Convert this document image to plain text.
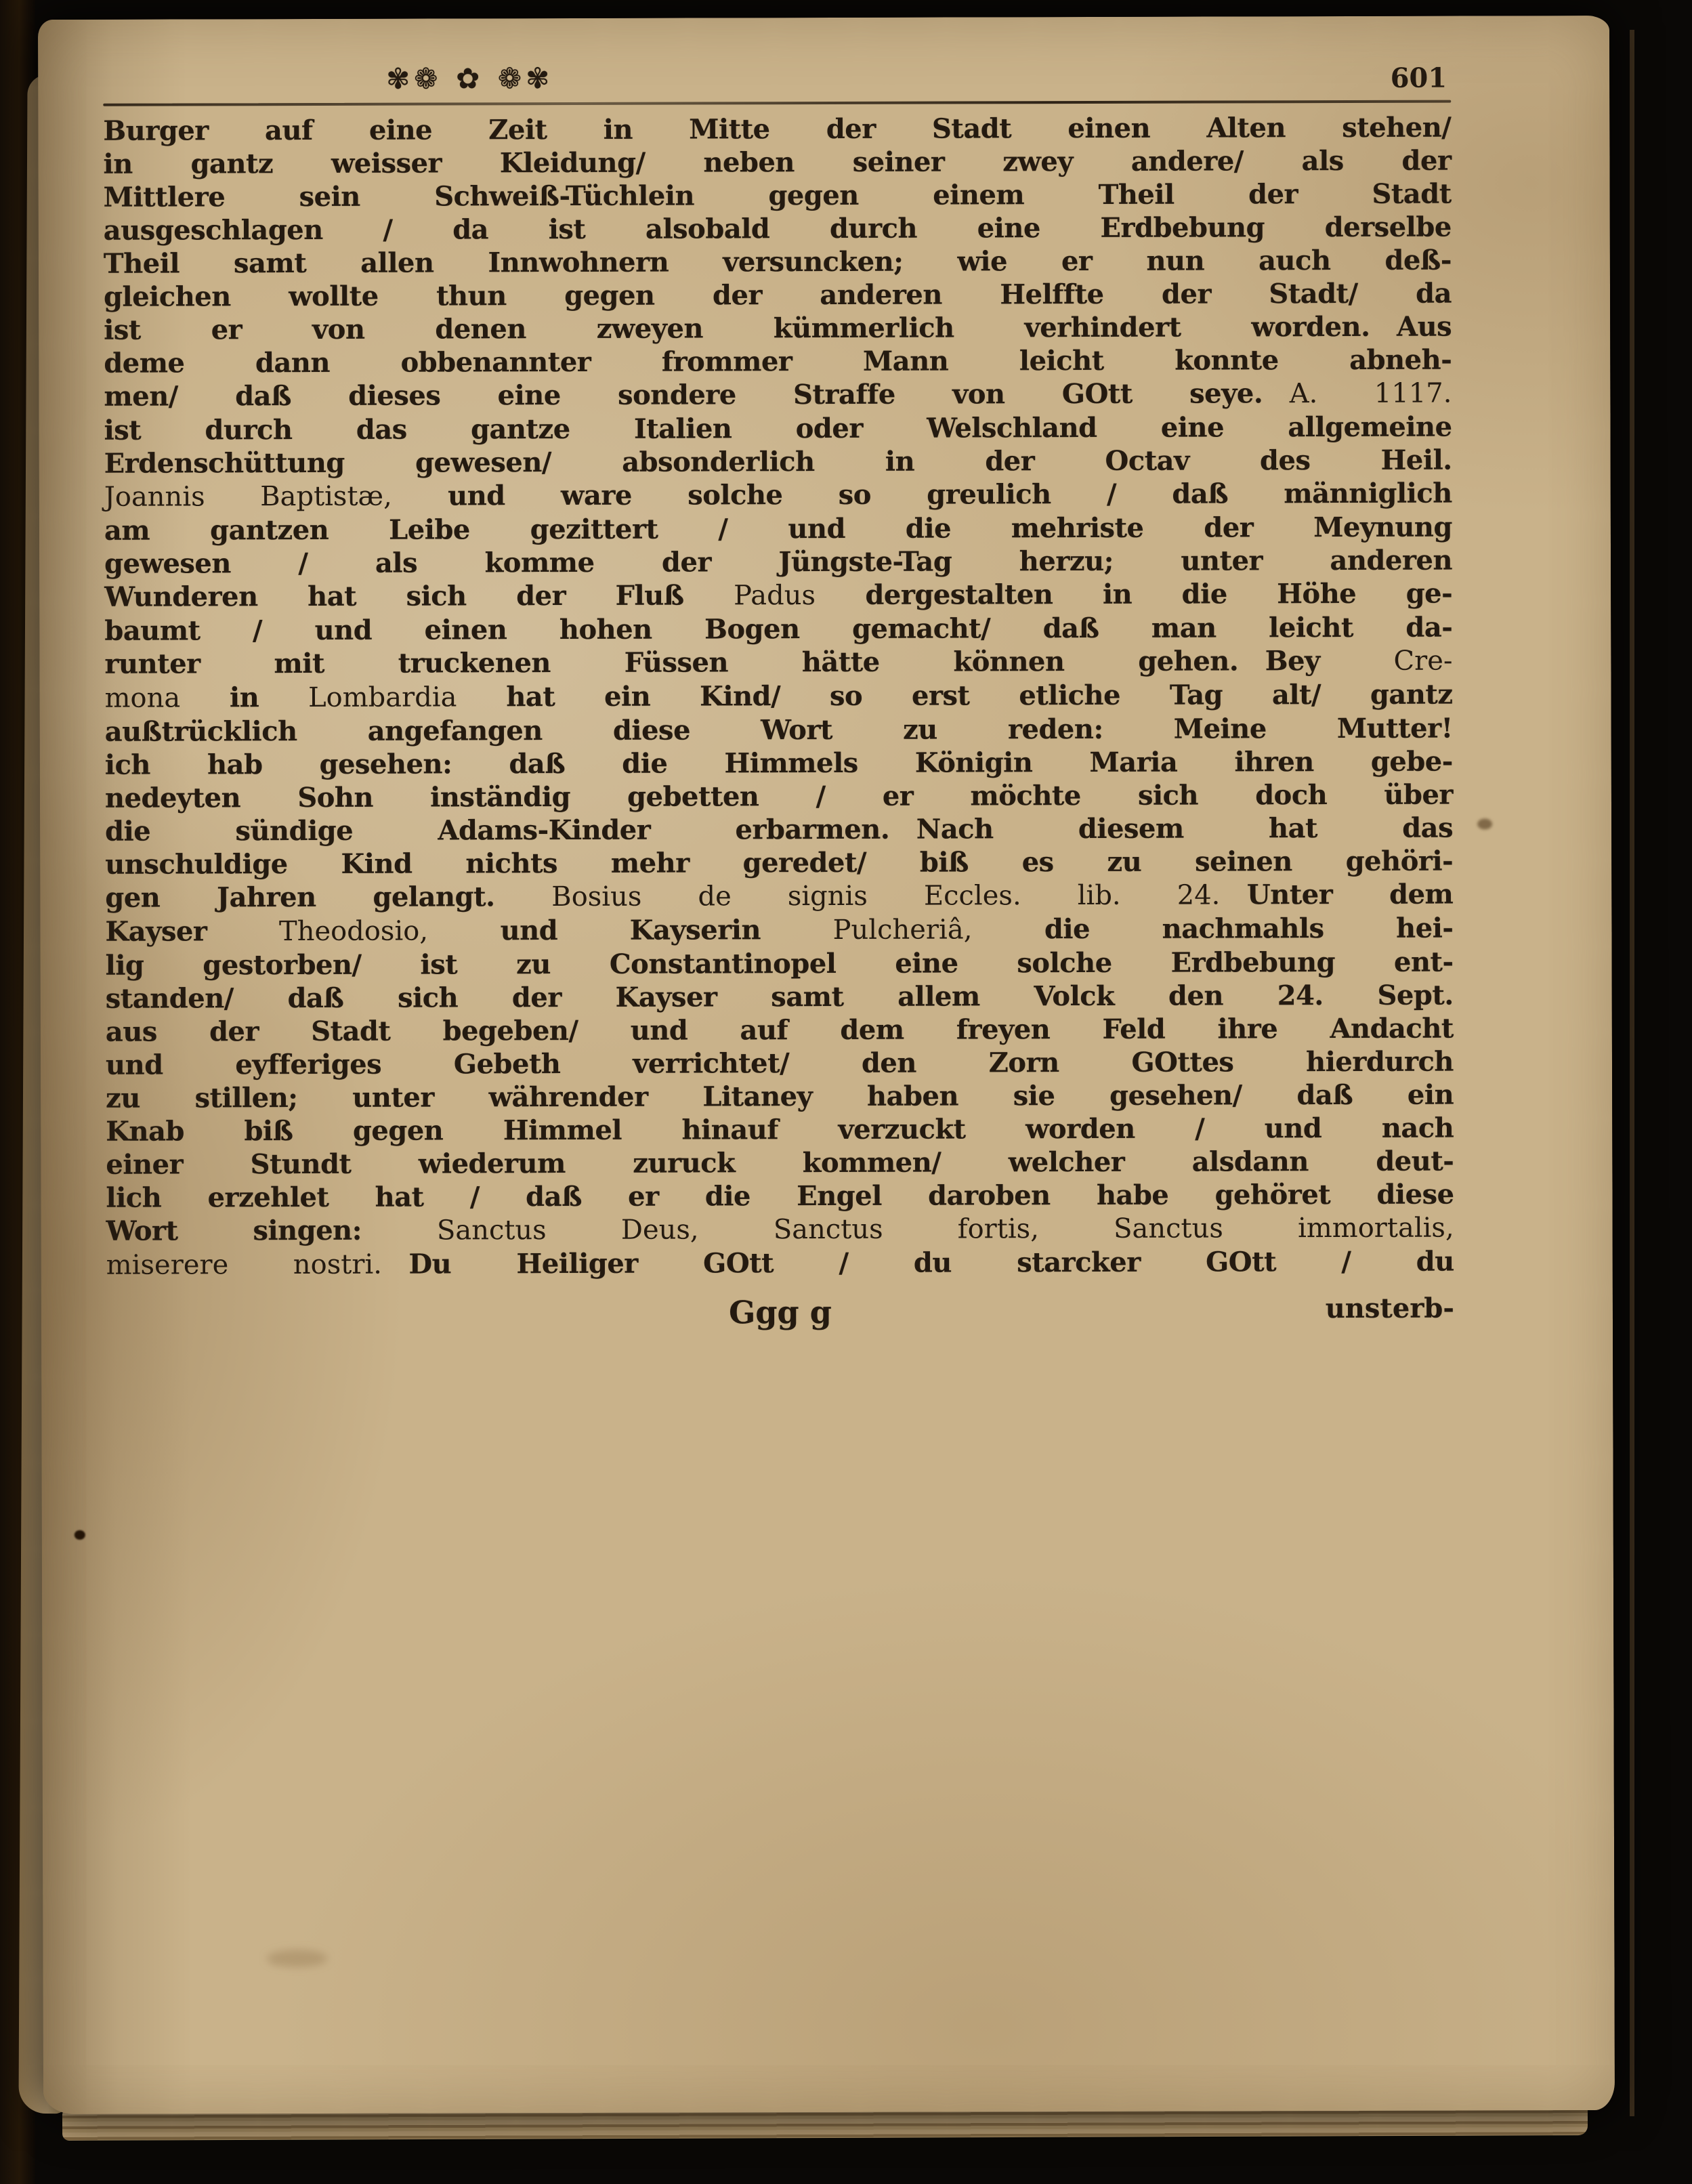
✾❁ ✿ ❁✾	601
Burger auf eine Zeit in Mitte der Stadt einen Alten stehen/
in gantz weisser Kleidung/ neben seiner zwey andere/ als der
Mittlere sein Schweiß-Tüchlein gegen einem Theil der Stadt
ausgeschlagen / da ist alsobald durch eine Erdbebung derselbe
Theil samt allen Innwohnern versuncken; wie er nun auch deß-
gleichen wollte thun gegen der anderen Helffte der Stadt/ da
ist er von denen zweyen kümmerlich verhindert worden. Aus
deme dann obbenannter frommer Mann leicht konnte abneh-
men/ daß dieses eine sondere Straffe von GOtt seye. A. 1117.
ist durch das gantze Italien oder Welschland eine allgemeine
Erdenschüttung gewesen/ absonderlich in der Octav des Heil.
Joannis Baptistæ, und ware solche so greulich / daß männiglich
am gantzen Leibe gezittert / und die mehriste der Meynung
gewesen / als komme der Jüngste-Tag herzu; unter anderen
Wunderen hat sich der Fluß Padus dergestalten in die Höhe ge-
baumt / und einen hohen Bogen gemacht/ daß man leicht da-
runter mit truckenen Füssen hätte können gehen. Bey Cre-
mona in Lombardia hat ein Kind/ so erst etliche Tag alt/ gantz
außtrücklich angefangen diese Wort zu reden: Meine Mutter!
ich hab gesehen: daß die Himmels Königin Maria ihren gebe-
nedeyten Sohn inständig gebetten / er möchte sich doch über
die sündige Adams-Kinder erbarmen. Nach diesem hat das
unschuldige Kind nichts mehr geredet/ biß es zu seinen gehöri-
gen Jahren gelangt. Bosius de signis Eccles. lib. 24. Unter dem
Kayser Theodosio, und Kayserin Pulcheriâ, die nachmahls hei-
lig gestorben/ ist zu Constantinopel eine solche Erdbebung ent-
standen/ daß sich der Kayser samt allem Volck den 24. Sept.
aus der Stadt begeben/ und auf dem freyen Feld ihre Andacht
und eyfferiges Gebeth verrichtet/ den Zorn GOttes hierdurch
zu stillen; unter währender Litaney haben sie gesehen/ daß ein
Knab biß gegen Himmel hinauf verzuckt worden / und nach
einer Stundt wiederum zuruck kommen/ welcher alsdann deut-
lich erzehlet hat / daß er die Engel daroben habe gehöret diese
Wort singen: Sanctus Deus, Sanctus fortis, Sanctus immortalis,
miserere nostri. Du Heiliger GOtt / du starcker GOtt / du
Ggg g	unsterb-
